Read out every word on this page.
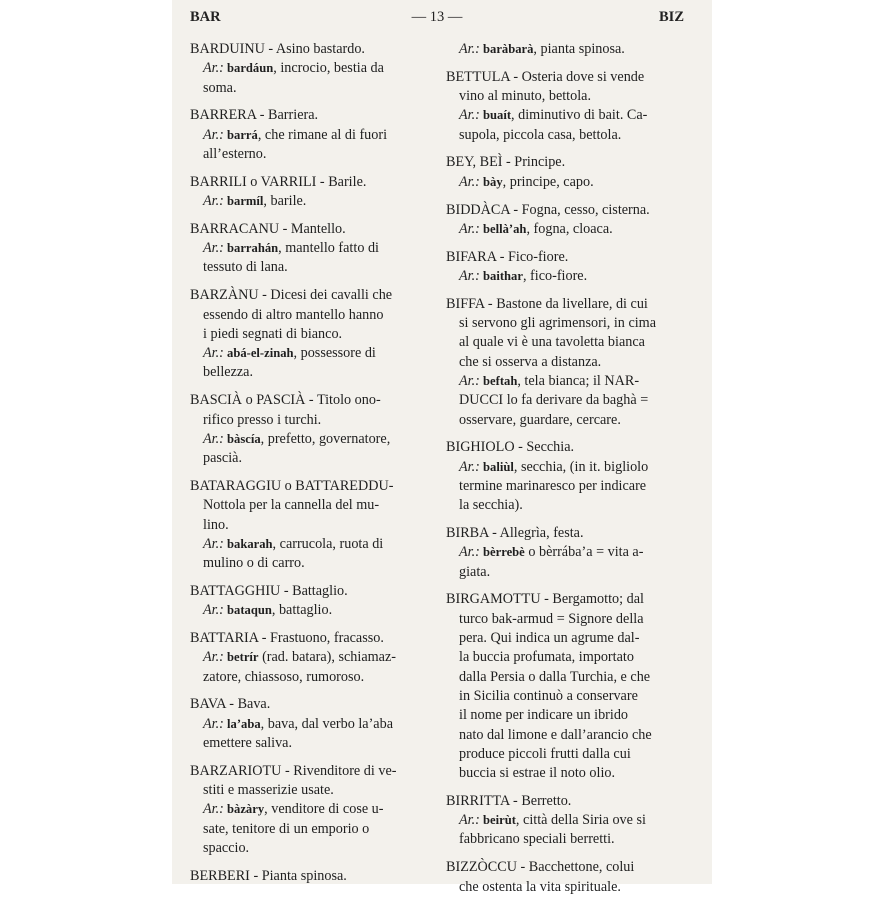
BAR	— 13 —	BIZ
BARDUINU - Asino bastardo.
Ar.: bardáun, incrocio, bestia da
soma.
BARRERA - Barriera.
Ar.: barrá, che rimane al di fuori
all’esterno.
BARRILI o VARRILI - Barile.
Ar.: barmíl, barile.
BARRACANU - Mantello.
Ar.: barrahán, mantello fatto di
tessuto di lana.
BARZÀNU - Dicesi dei cavalli che
essendo di altro mantello hanno
i piedi segnati di bianco.
Ar.: abá-el-zinah, possessore di
bellezza.
BASCIÀ o PASCIÀ - Titolo ono-
rifico presso i turchi.
Ar.: bàscía, prefetto, governatore,
pascià.
BATARAGGIU o BATTAREDDU-
Nottola per la cannella del mu-
lino.
Ar.: bakarah, carrucola, ruota di
mulino o di carro.
BATTAGGHIU - Battaglio.
Ar.: bataqun, battaglio.
BATTARIA - Frastuono, fracasso.
Ar.: betrír (rad. batara), schiamaz-
zatore, chiassoso, rumoroso.
BAVA - Bava.
Ar.: la’aba, bava, dal verbo la’aba
emettere saliva.
BARZARIOTU - Rivenditore di ve-
stiti e masserizie usate.
Ar.: bàzàry, venditore di cose u-
sate, tenitore di un emporio o
spaccio.
BERBERI - Pianta spinosa.
Ar.: baràbarà, pianta spinosa.
BETTULA - Osteria dove si vende
vino al minuto, bettola.
Ar.: buaít, diminutivo di bait. Ca-
supola, piccola casa, bettola.
BEY, BEÌ - Principe.
Ar.: bày, principe, capo.
BIDDÀCA - Fogna, cesso, cisterna.
Ar.: bellà’ah, fogna, cloaca.
BIFARA - Fico-fiore.
Ar.: baithar, fico-fiore.
BIFFA - Bastone da livellare, di cui
si servono gli agrimensori, in cima
al quale vi è una tavoletta bianca
che si osserva a distanza.
Ar.: beftah, tela bianca; il NAR-
DUCCI lo fa derivare da baghà =
osservare, guardare, cercare.
BIGHIOLO - Secchia.
Ar.: baliùl, secchia, (in it. bigliolo
termine marinaresco per indicare
la secchia).
BIRBA - Allegrìa, festa.
Ar.: bèrrebè o bèrrába’a = vita a-
giata.
BIRGAMOTTU - Bergamotto; dal
turco bak-armud = Signore della
pera. Qui indica un agrume dal-
la buccia profumata, importato
dalla Persia o dalla Turchia, e che
in Sicilia continuò a conservare
il nome per indicare un ibrido
nato dal limone e dall’arancio che
produce piccoli frutti dalla cui
buccia si estrae il noto olio.
BIRRITTA - Berretto.
Ar.: beirùt, città della Siria ove si
fabbricano speciali berretti.
BIZZÒCCU - Bacchettone, colui
che ostenta la vita spirituale.
